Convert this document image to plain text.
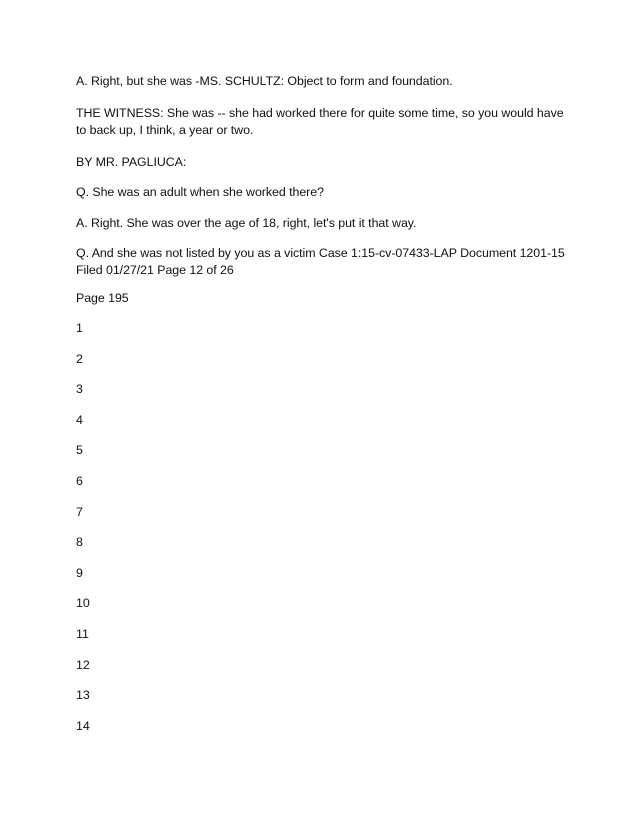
A. Right, but she was -MS. SCHULTZ: Object to form and foundation.

THE WITNESS: She was -- she had worked there for quite some time, so you would have to back up, I think, a year or two.

BY MR. PAGLIUCA:

Q. She was an adult when she worked there?

A. Right. She was over the age of 18, right, let's put it that way.

Q. And she was not listed by you as a victim Case 1:15-cv-07433-LAP Document 1201-15 Filed 01/27/21 Page 12 of 26

Page 195

1
2
3
4
5
6
7
8
9
10
11
12
13
14
